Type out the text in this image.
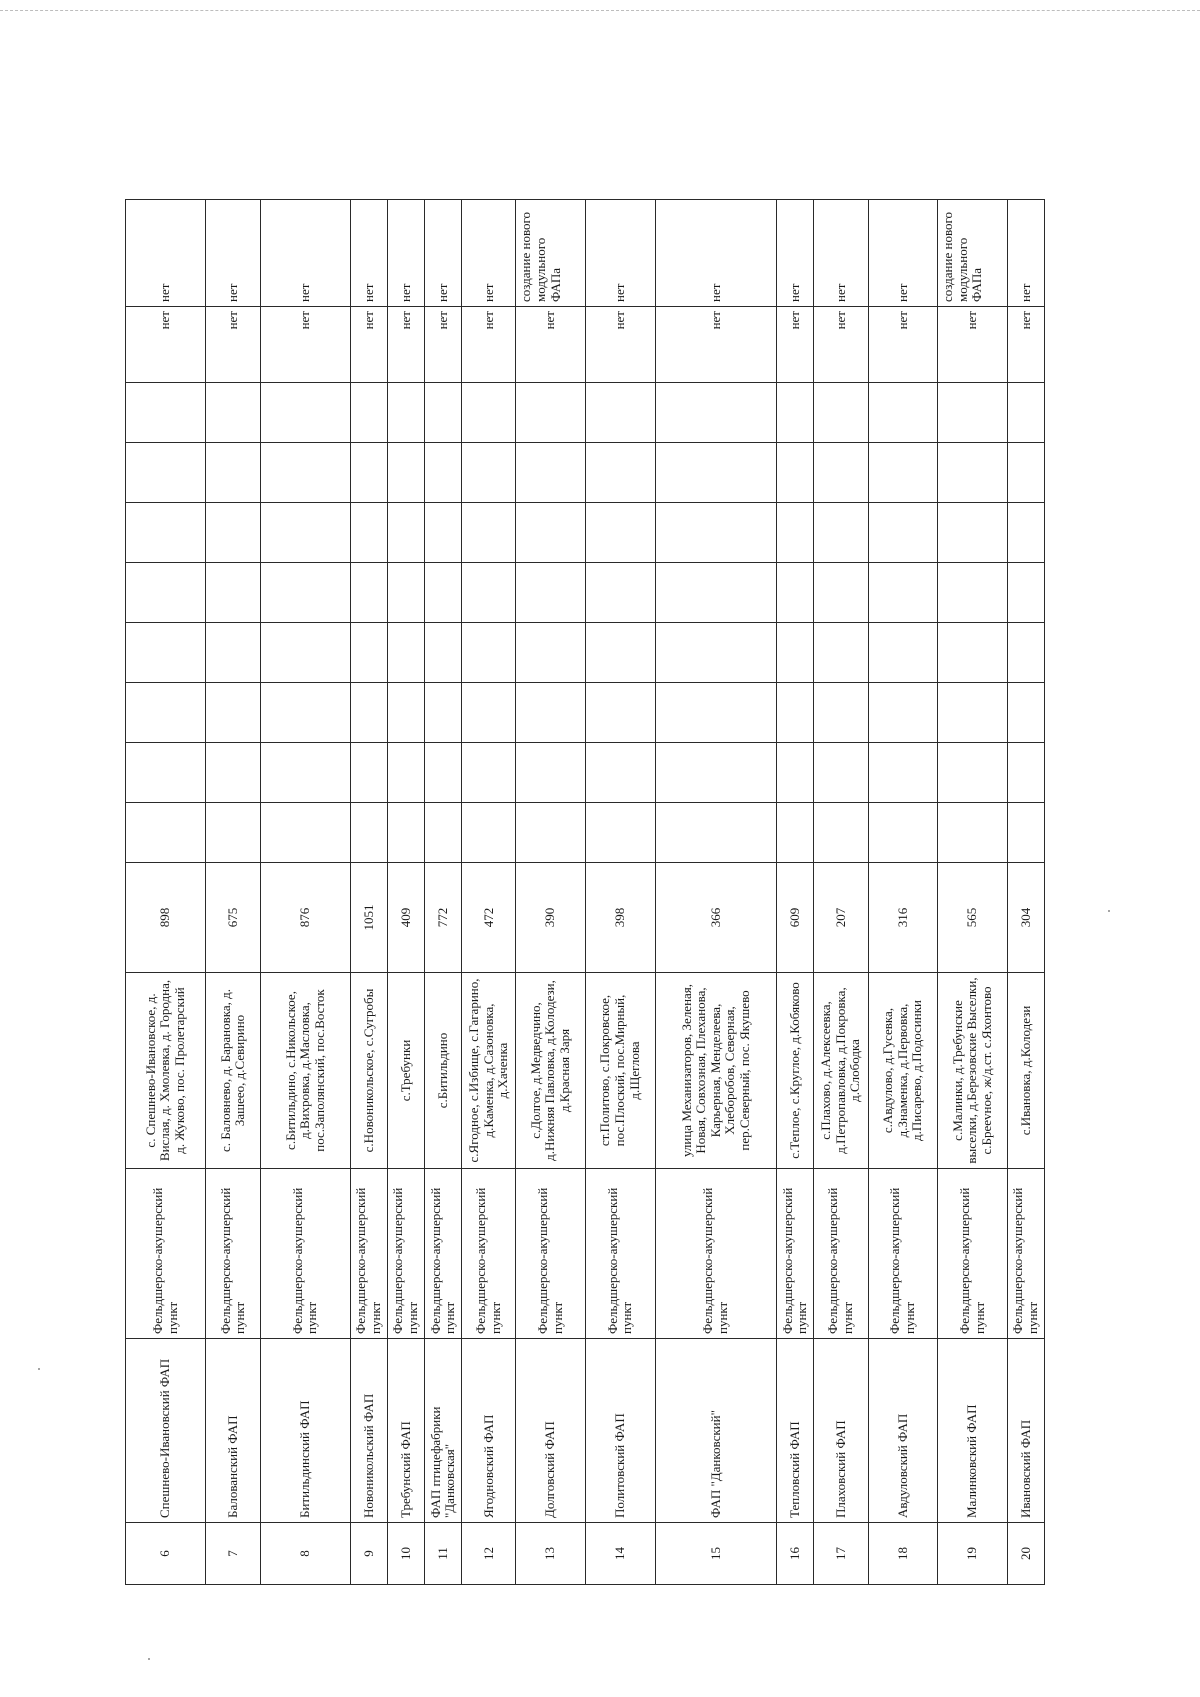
6	Спешнево-Ивановский ФАП	Фельдшерско-акушерский пункт	с. Спешнево-Ивановское, д. Вислая, д. Хмолевка, д. Городна, д. Жуково, пос. Пролетарский	898									нет	нет
7	Балованский ФАП	Фельдшерско-акушерский пункт	с. Баловнево, д. Барановка, д. Зашеео, д.Севирино	675									нет	нет
8	Битильдинский ФАП	Фельдшерско-акушерский пункт	с.Битильдино, с.Никольское, д.Вихровка, д.Масловка, пос.Заполянский, пос.Восток	876									нет	нет
9	Новоникольский ФАП	Фельдшерско-акушерский пункт	с.Новоникольское, с.Сугробы	1051									нет	нет
10	Требунский ФАП	Фельдшерско-акушерский пункт	с.Требунки	409									нет	нет
11	ФАП птицефабрики "Данковская"	Фельдшерско-акушерский пункт	с.Битильдино	772									нет	нет
12	Ягодновский ФАП	Фельдшерско-акушерский пункт	с.Ягодное, с.Избище, с.Гагарино, д.Каменка, д.Сазоновка, д.Хаченка	472									нет	нет
13	Долговский ФАП	Фельдшерско-акушерский пункт	с.Долгое, д.Медведчино, д.Нижняя Павловка, д.Колодези, д.Красная Заря	390									нет	создание нового модульного ФАПа
14	Политовский ФАП	Фельдшерско-акушерский пункт	ст.Политово, с.Покровское, пос.Плоский, пос.Мирный, д.Щеглова	398									нет	нет
15	ФАП "Данковский"	Фельдшерско-акушерский пункт	улица Механизаторов, Зеленая, Новая, Совхозная, Плеханова, Карьерная, Менделеева, Хлеборобов, Северная, пер.Северный, пос. Якушево	366									нет	нет
16	Тепловский ФАП	Фельдшерско-акушерский пункт	с.Теплое, с.Круглое, д.Кобяково	609									нет	нет
17	Плаховский ФАП	Фельдшерско-акушерский пункт	с.Плахово, д.Алексеевка, д.Петропавловка, д.Покровка, д.Слободка	207									нет	нет
18	Авдуловский ФАП	Фельдшерско-акушерский пункт	с.Авдулово, д.Гусевка, д.Знаменка, д.Первовка, д.Писарево, д.Подосинки	316									нет	нет
19	Малинковский ФАП	Фельдшерско-акушерский пункт	с.Малинки, д.Требунские выселки, д.Березовские Выселки, с.Бреevное, ж/д.ст. с.Яхонтово	565									нет	создание нового модульного ФАПа
20	Ивановский ФАП	Фельдшерско-акушерский пункт	с.Ивановка, д.Колодези	304									нет	нет
